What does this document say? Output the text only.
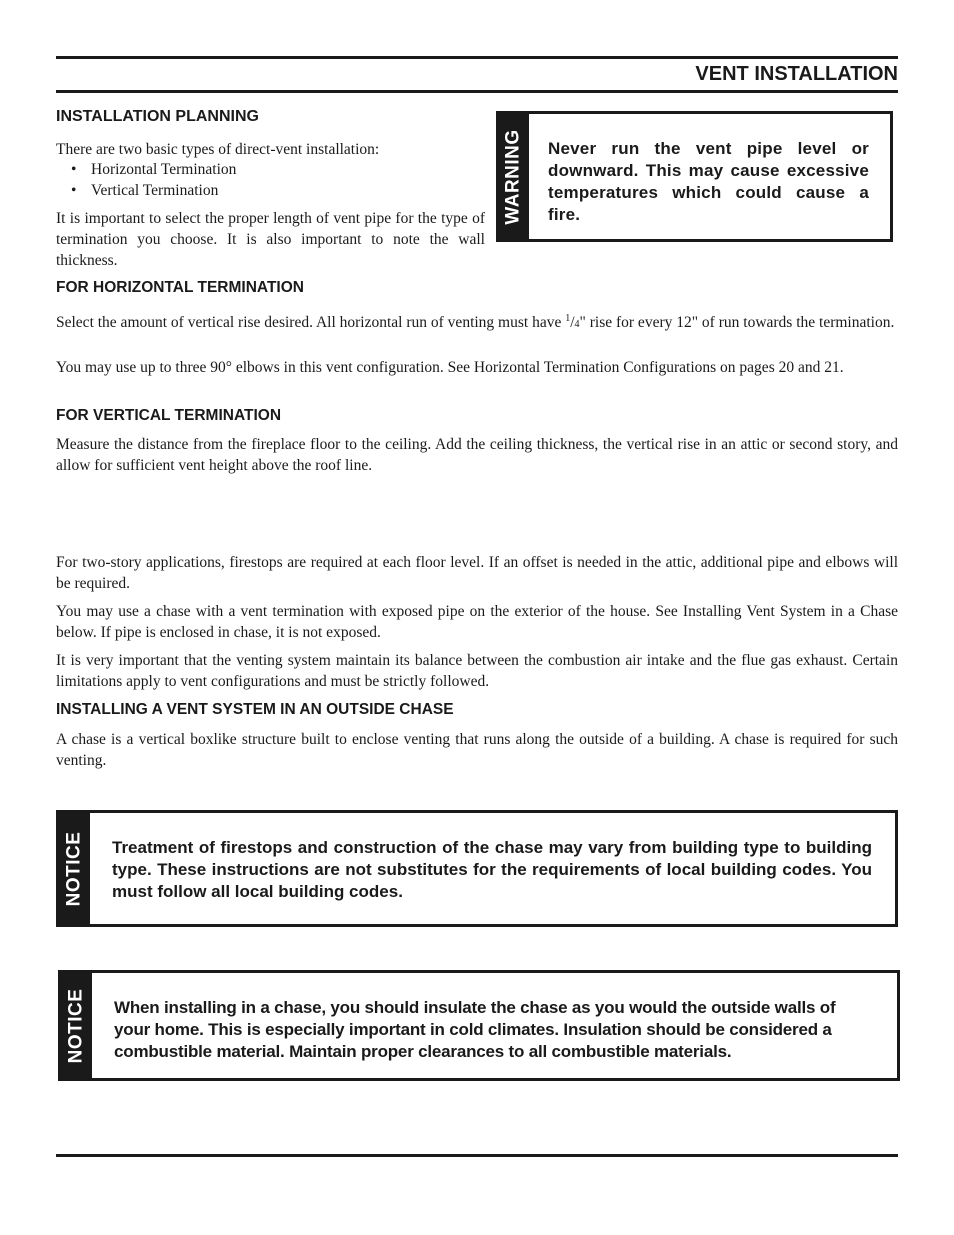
VENT INSTALLATION
INSTALLATION PLANNING

There are two basic types of direct-vent installation:

• Horizontal Termination
• Vertical Termination

It is important to select the proper length of vent pipe for the type of termination you choose. It is also important to note the wall thickness.

WARNING Never run the vent pipe level or downward. This may cause excessive temperatures which could cause a fire.

FOR HORIZONTAL TERMINATION

Select the amount of vertical rise desired. All horizontal run of venting must have $^1$/4" rise for every 12" of run towards the termination.

You may use up to three 90° elbows in this vent configuration. See Horizontal Termination Configurations on pages 20 and 21.

FOR VERTICAL TERMINATION

Measure the distance from the fireplace floor to the ceiling. Add the ceiling thickness, the vertical rise in an attic or second story, and allow for sufficient vent height above the roof line.

For two-story applications, firestops are required at each floor level. If an offset is needed in the attic, additional pipe and elbows will be required.

You may use a chase with a vent termination with exposed pipe on the exterior of the house. See Installing Vent System in a Chase below. If pipe is enclosed in chase, it is not exposed.

It is very important that the venting system maintain its balance between the combustion air intake and the flue gas exhaust. Certain limitations apply to vent configurations and must be strictly followed.

INSTALLING A VENT SYSTEM IN AN OUTSIDE CHASE

A chase is a vertical boxlike structure built to enclose venting that runs along the outside of a building. A chase is required for such venting.

NOTICE Treatment of firestops and construction of the chase may vary from building type to building type. These instructions are not substitutes for the requirements of local building codes. You must follow all local building codes.

NOTICE When installing in a chase, you should insulate the chase as you would the outside walls of your home. This is especially important in cold climates. Insulation should be considered a combustible material. Maintain proper clearances to all combustible materials.
